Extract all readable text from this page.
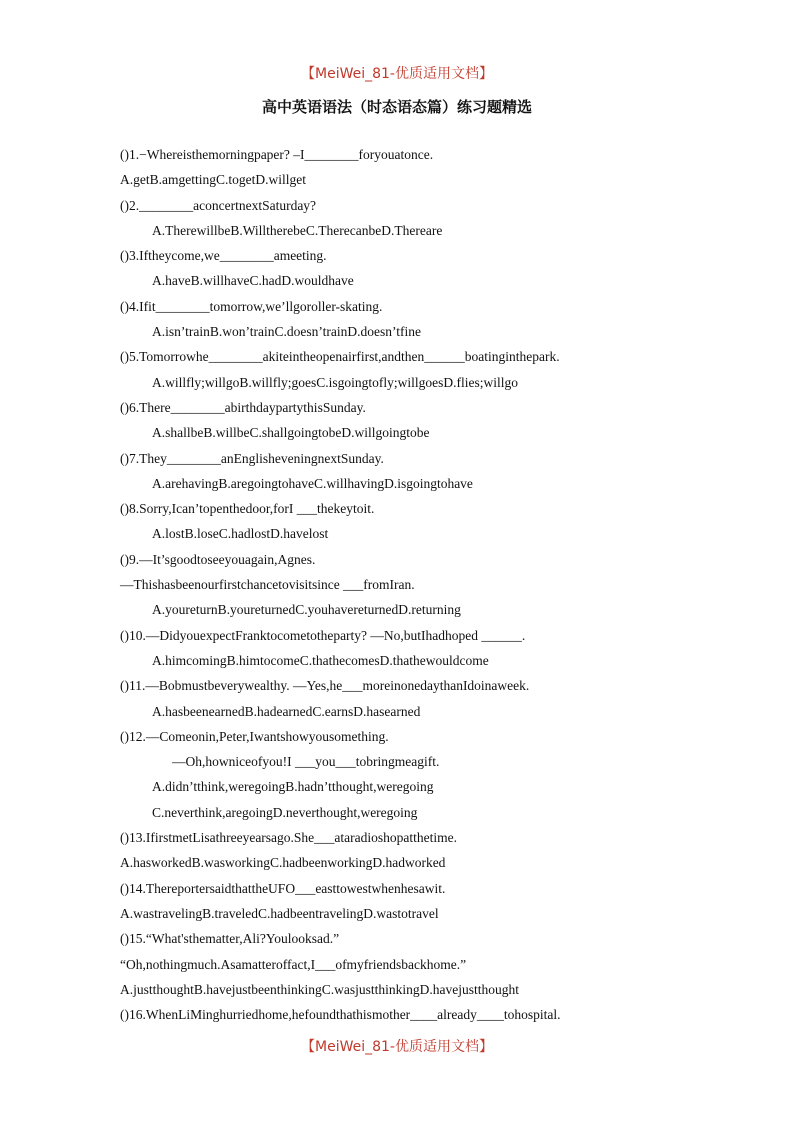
【MeiWei_81-优质适用文档】
高中英语语法（时态语态篇）练习题精选
()1.−Whereisthemorningpaper? –I________foryouatonce.
A.getB.amgettingC.togetD.willget
()2.________aconcertnextSaturday?
A.TherewillbeB.WilltherebeC.TherecanbeD.Thereare
()3.Iftheycome,we________ameeting.
A.haveB.willhaveC.hadD.wouldhave
()4.Ifit________tomorrow,we’llgoroller-skating.
A.isn’trainB.won’trainC.doesn’trainD.doesn’tfine
()5.Tomorrowhe________akiteintheopenairfirst,andthen______boatinginthepark.
A.willfly;willgoB.willfly;goesC.isgoingtofly;willgoesD.flies;willgo
()6.There________abirthdaypartythisSunday.
A.shallbeB.willbeC.shallgoingtobeD.willgoingtobe
()7.They________anEnglisheveningnextSunday.
A.arehavingB.aregoingtohaveC.willhavingD.isgoingtohave
()8.Sorry,Ican’topenthedoor,forI ___thekeytoit.
A.lostB.loseC.hadlostD.havelost
()9.—It’sgoodtoseeyouagain,Agnes.
—Thishasbeenourfirstchancetovisitsince ___fromIran.
A.youreturnB.youreturnedC.youhavereturnedD.returning
()10.—DidyouexpectFranktocometotheparty? —No,butIhadhoped ______.
A.himcomingB.himtocomeC.thathecomesD.thathewouldcome
()11.—Bobmustbeverywealthy. —Yes,he___moreinonedaythanIdoinaweek.
A.hasbeenearnedB.hadearnedC.earnsD.hasearned
()12.—Comeonin,Peter,Iwantshowyousomething.
—Oh,howniceofyou!I ___you___tobringmeagift.
A.didn’tthink,weregoingB.hadn’tthought,weregoing
C.neverthink,aregoingD.neverthought,weregoing
()13.IfirstmetLisathreeyearsago.She___ataradioshopatthetime.
A.hasworkedB.wasworkingC.hadbeenworkingD.hadworked
()14.ThereportersaidthattheUFO___easttowestwhenhesawit.
A.wastravelingB.traveledC.hadbeentravelingD.wastotravel
()15.“What'sthematter,Ali?Youlooksad.”
“Oh,nothingmuch.Asamatteroffact,I___ofmyfriendsbackhome.”
A.justthoughtB.havejustbeenthinkingC.wasjustthinkingD.havejustthought
()16.WhenLiMinghurriedhome,hefoundthathismother____already____tohospital.
【MeiWei_81-优质适用文档】
